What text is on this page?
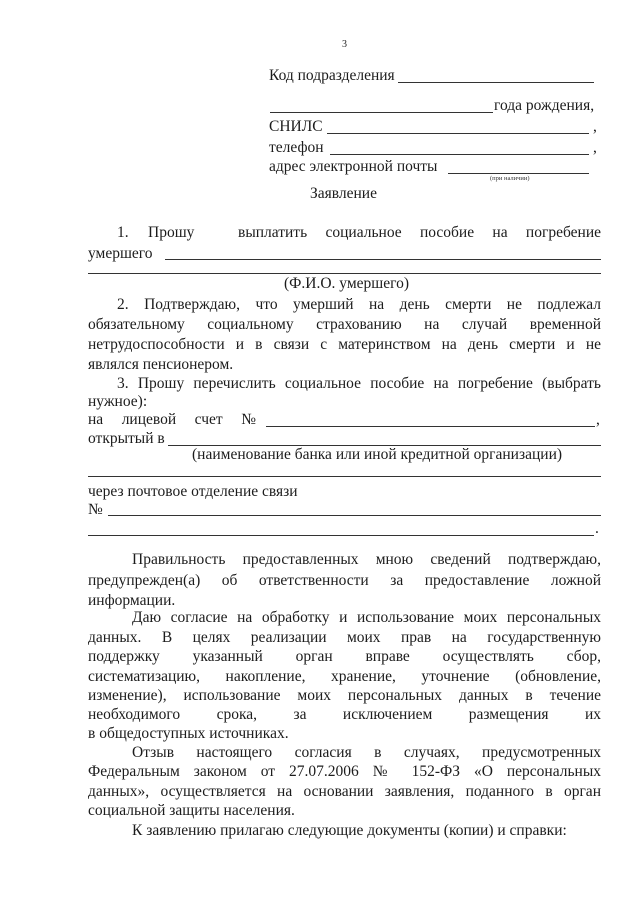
3
Код подразделения
года рождения,
СНИЛС	,
телефон	,
адрес электронной почты
(при наличии)
Заявление
1. Прошу	выплатить социальное пособие на погребение
умершего
(Ф.И.О. умершего)
2. Подтверждаю, что умерший на день смерти не подлежал
обязательному социальному страхованию на случай временной
нетрудоспособности и в связи с материнством на день смерти и не
являлся пенсионером.
3. Прошу перечислить социальное пособие на погребение (выбрать
нужное):
на лицевой счет №	,
открытый в
(наименование банка или иной кредитной организации)
через почтовое отделение связи
№
.
Правильность предоставленных мною сведений подтверждаю,
предупрежден(а) об ответственности за предоставление ложной
информации.
Даю согласие на обработку и использование моих персональных
данных. В целях реализации моих прав на государственную
поддержку указанный орган вправе осуществлять сбор,
систематизацию, накопление, хранение, уточнение (обновление,
изменение), использование моих персональных данных в течение
необходимого срока, за исключением размещения их
в общедоступных источниках.
Отзыв настоящего согласия в случаях, предусмотренных
Федеральным законом от 27.07.2006 № 152-ФЗ «О персональных
данных», осуществляется на основании заявления, поданного в орган
социальной защиты населения.
К заявлению прилагаю следующие документы (копии) и справки:
